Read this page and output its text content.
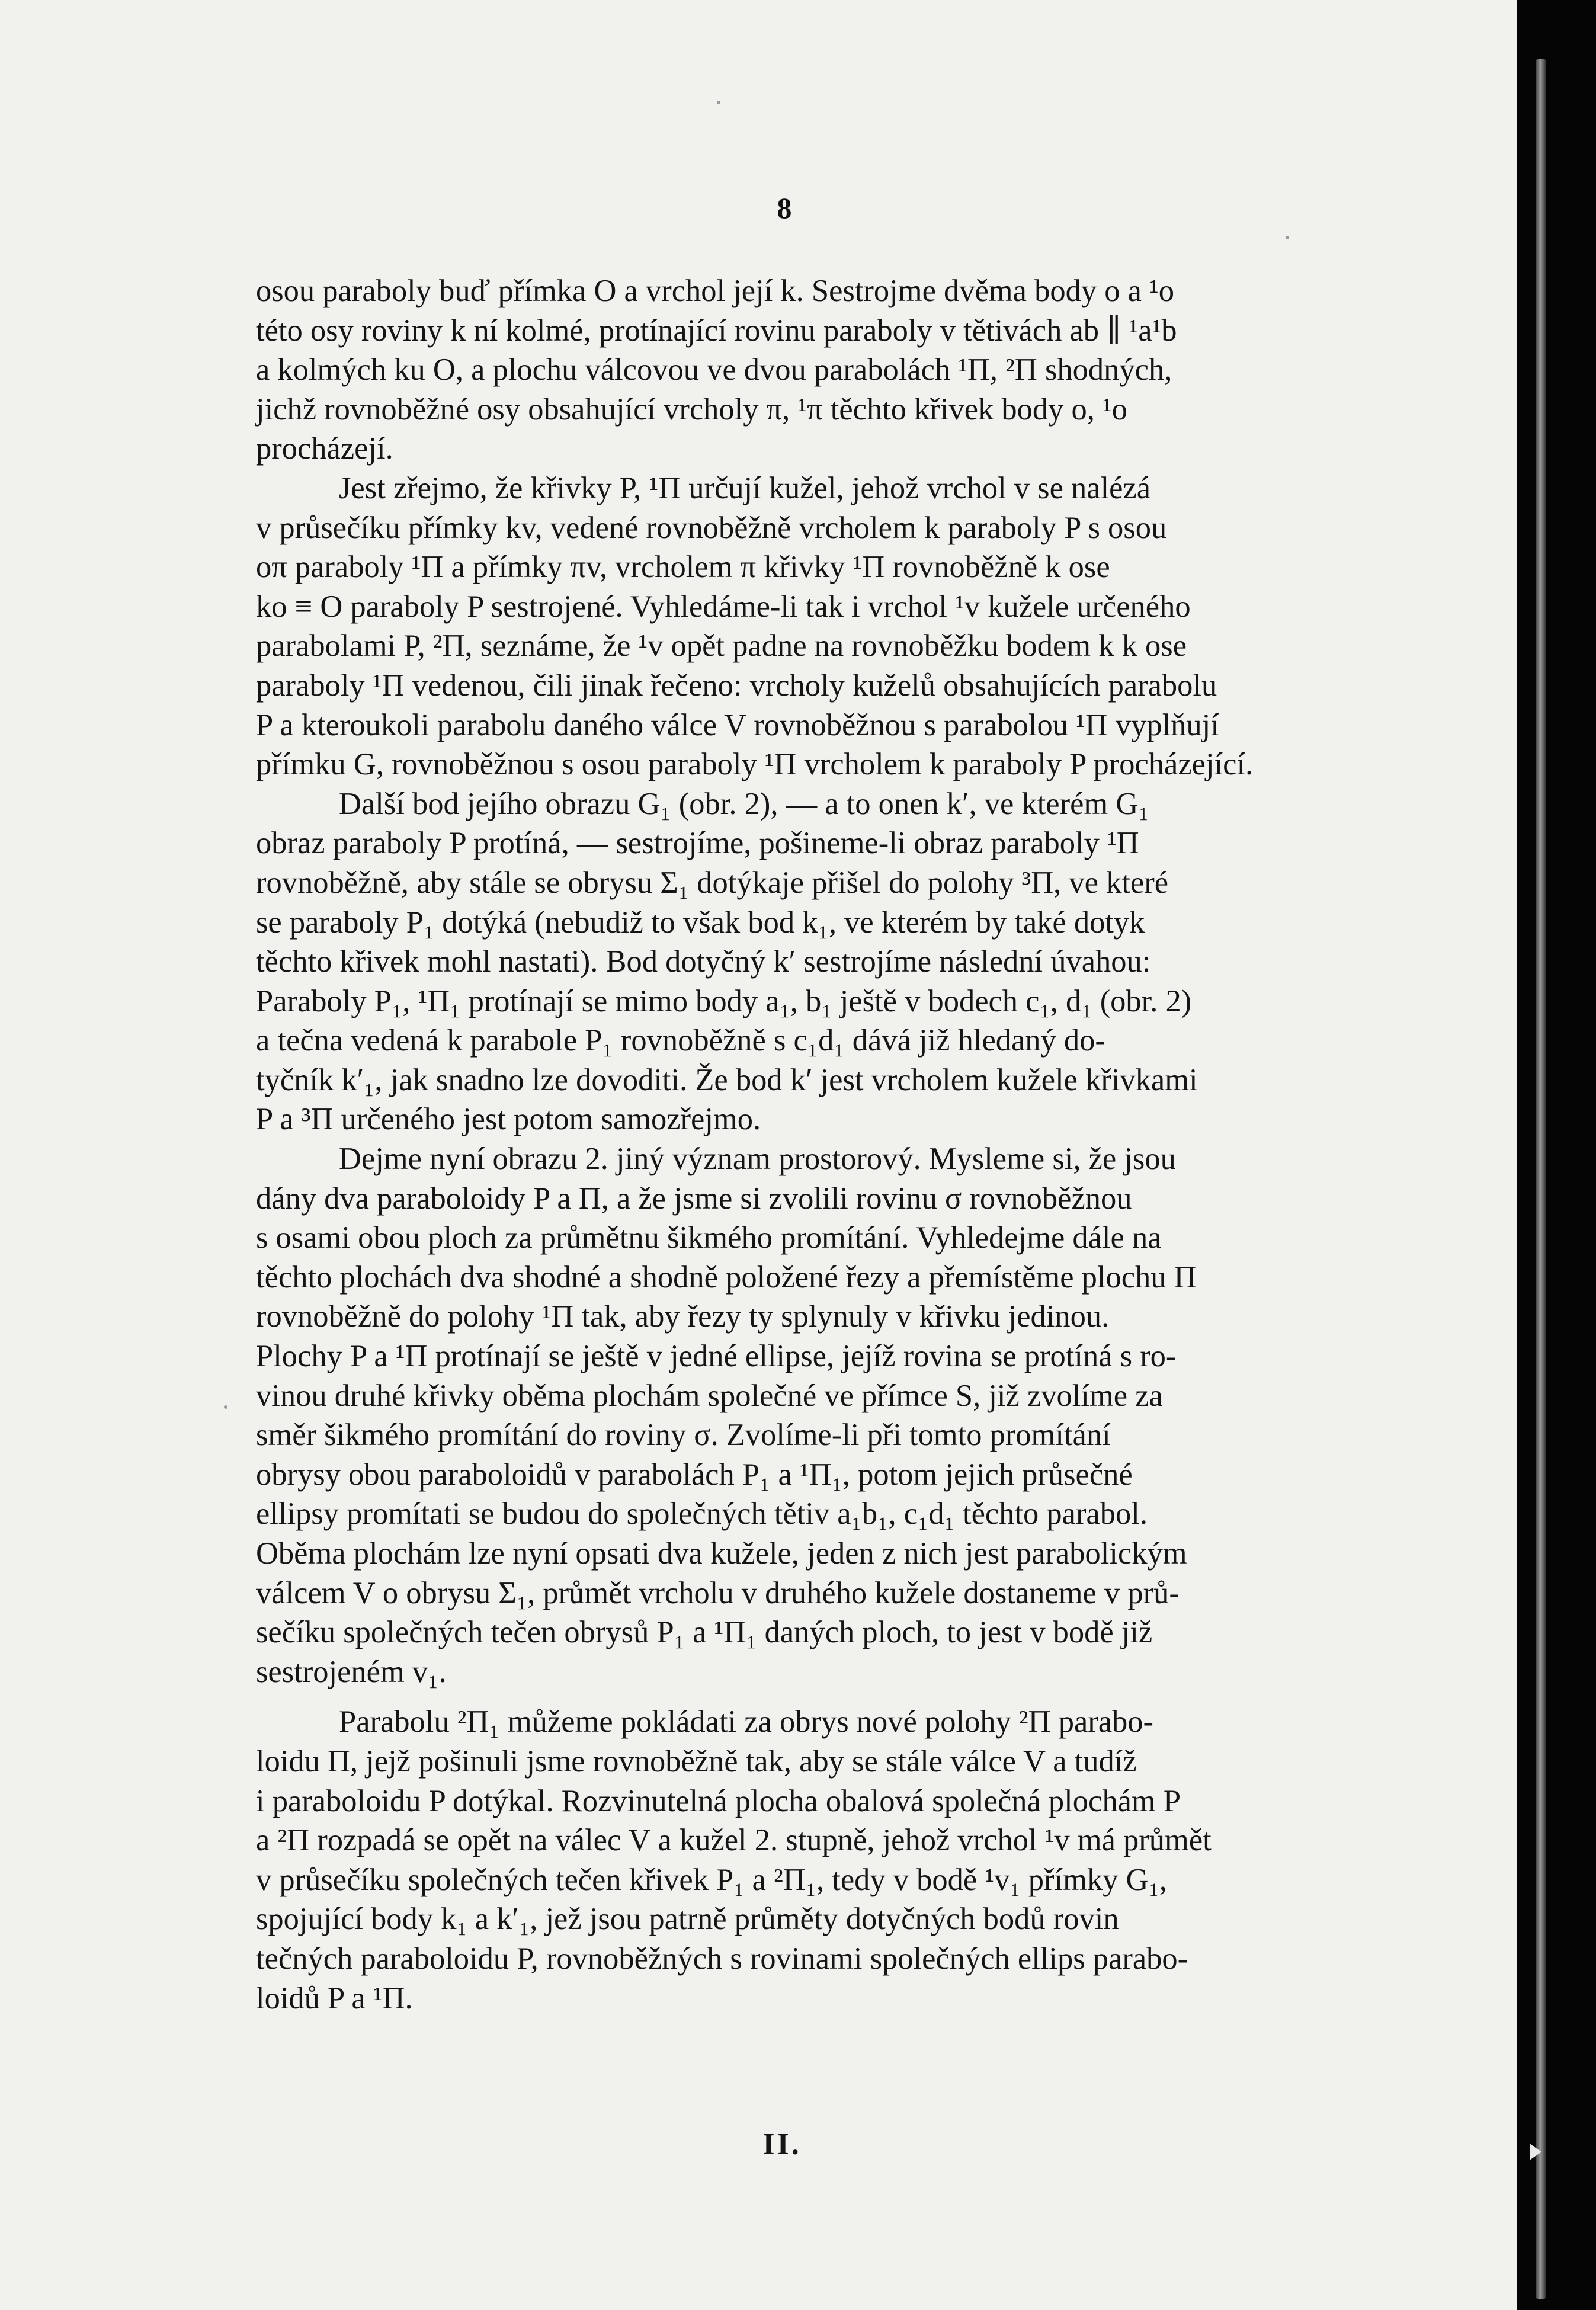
8
osou paraboly buď přímka O a vrchol její k. Sestrojme dvěma body o a ¹o
této osy roviny k ní kolmé, protínající rovinu paraboly v tětivách ab ∥ ¹a¹b
a kolmých ku O, a plochu válcovou ve dvou parabolách ¹Π, ²Π shodných,
jichž rovnoběžné osy obsahující vrcholy π, ¹π těchto křivek body o, ¹o
procházejí.
Jest zřejmo, že křivky P, ¹Π určují kužel, jehož vrchol v se nalézá
v průsečíku přímky kv, vedené rovnoběžně vrcholem k paraboly P s osou
oπ paraboly ¹Π a přímky πv, vrcholem π křivky ¹Π rovnoběžně k ose
ko ≡ O paraboly P sestrojené. Vyhledáme-li tak i vrchol ¹v kužele určeného
parabolami P, ²Π, seznáme, že ¹v opět padne na rovnoběžku bodem k k ose
paraboly ¹Π vedenou, čili jinak řečeno: vrcholy kuželů obsahujících parabolu
P a kteroukoli parabolu daného válce V rovnoběžnou s parabolou ¹Π vyplňují
přímku G, rovnoběžnou s osou paraboly ¹Π vrcholem k paraboly P procházející.
Další bod jejího obrazu G₁ (obr. 2), — a to onen k′, ve kterém G₁
obraz paraboly P protíná, — sestrojíme, pošineme-li obraz paraboly ¹Π
rovnoběžně, aby stále se obrysu Σ₁ dotýkaje přišel do polohy ³Π, ve které
se paraboly P₁ dotýká (nebudiž to však bod k₁, ve kterém by také dotyk
těchto křivek mohl nastati). Bod dotyčný k′ sestrojíme následní úvahou:
Paraboly P₁, ¹Π₁ protínají se mimo body a₁, b₁ ještě v bodech c₁, d₁ (obr. 2)
a tečna vedená k parabole P₁ rovnoběžně s c₁d₁ dává již hledaný do-
tyčník k′₁, jak snadno lze dovoditi. Že bod k′ jest vrcholem kužele křivkami
P a ³Π určeného jest potom samozřejmo.
Dejme nyní obrazu 2. jiný význam prostorový. Mysleme si, že jsou
dány dva paraboloidy P a Π, a že jsme si zvolili rovinu σ rovnoběžnou
s osami obou ploch za průmětnu šikmého promítání. Vyhledejme dále na
těchto plochách dva shodné a shodně položené řezy a přemístěme plochu Π
rovnoběžně do polohy ¹Π tak, aby řezy ty splynuly v křivku jedinou.
Plochy P a ¹Π protínají se ještě v jedné ellipse, jejíž rovina se protíná s ro-
vinou druhé křivky oběma plochám společné ve přímce S, již zvolíme za
směr šikmého promítání do roviny σ. Zvolíme-li při tomto promítání
obrysy obou paraboloidů v parabolách P₁ a ¹Π₁, potom jejich průsečné
ellipsy promítati se budou do společných tětiv a₁b₁, c₁d₁ těchto parabol.
Oběma plochám lze nyní opsati dva kužele, jeden z nich jest parabolickým
válcem V o obrysu Σ₁, průmět vrcholu v druhého kužele dostaneme v prů-
sečíku společných tečen obrysů P₁ a ¹Π₁ daných ploch, to jest v bodě již
sestrojeném v₁.
Parabolu ²Π₁ můžeme pokládati za obrys nové polohy ²Π parabo-
loidu Π, jejž pošinuli jsme rovnoběžně tak, aby se stále válce V a tudíž
i paraboloidu P dotýkal. Rozvinutelná plocha obalová společná plochám P
a ²Π rozpadá se opět na válec V a kužel 2. stupně, jehož vrchol ¹v má průmět
v průsečíku společných tečen křivek P₁ a ²Π₁, tedy v bodě ¹v₁ přímky G₁,
spojující body k₁ a k′₁, jež jsou patrně průměty dotyčných bodů rovin
tečných paraboloidu P, rovnoběžných s rovinami společných ellips parabo-
loidů P a ¹Π.
II.
